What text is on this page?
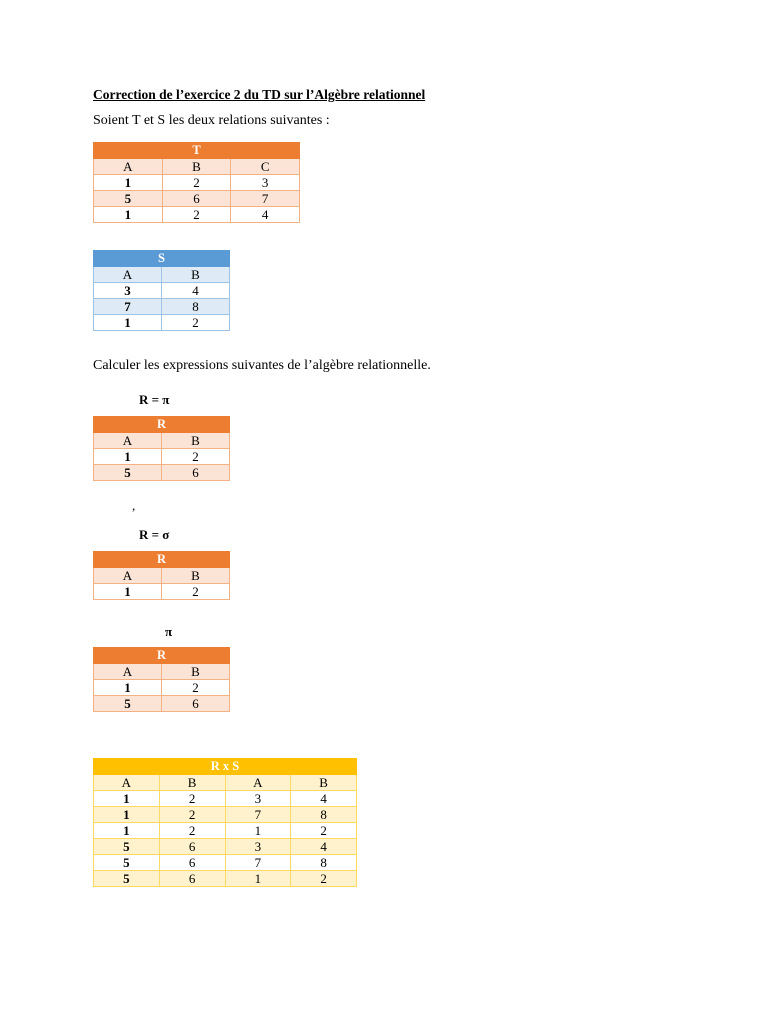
Correction de l’exercice 2 du TD sur l’Algèbre relationnel
Soient T et S les deux relations suivantes :
T		
A	B	C
1	2	3
5	6	7
1	2	4
S	
A	B
3	4
7	8
1	2
Calculer les expressions suivantes de l’algèbre relationnelle.
R = π
R	
A	B
1	2
5	6
,
R = σ
R	
A	B
1	2
π
R	
A	B
1	2
5	6
R x S			
A	B	A	B
1	2	3	4
1	2	7	8
1	2	1	2
5	6	3	4
5	6	7	8
5	6	1	2
